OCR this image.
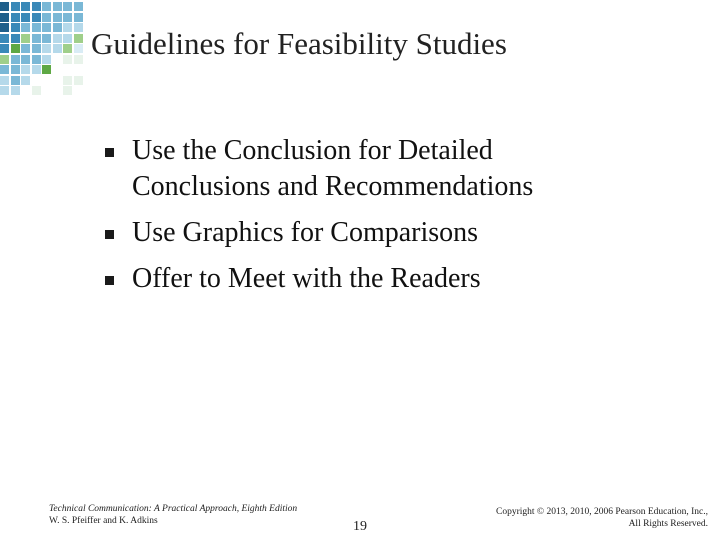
Guidelines for Feasibility Studies
Use the Conclusion for Detailed
Conclusions and Recommendations
Use Graphics for Comparisons
Offer to Meet with the Readers
Technical Communication: A Practical Approach, Eighth Edition
W. S. Pfeiffer and K. Adkins	19
Copyright © 2013, 2010, 2006 Pearson Education, Inc.,
All Rights Reserved.
